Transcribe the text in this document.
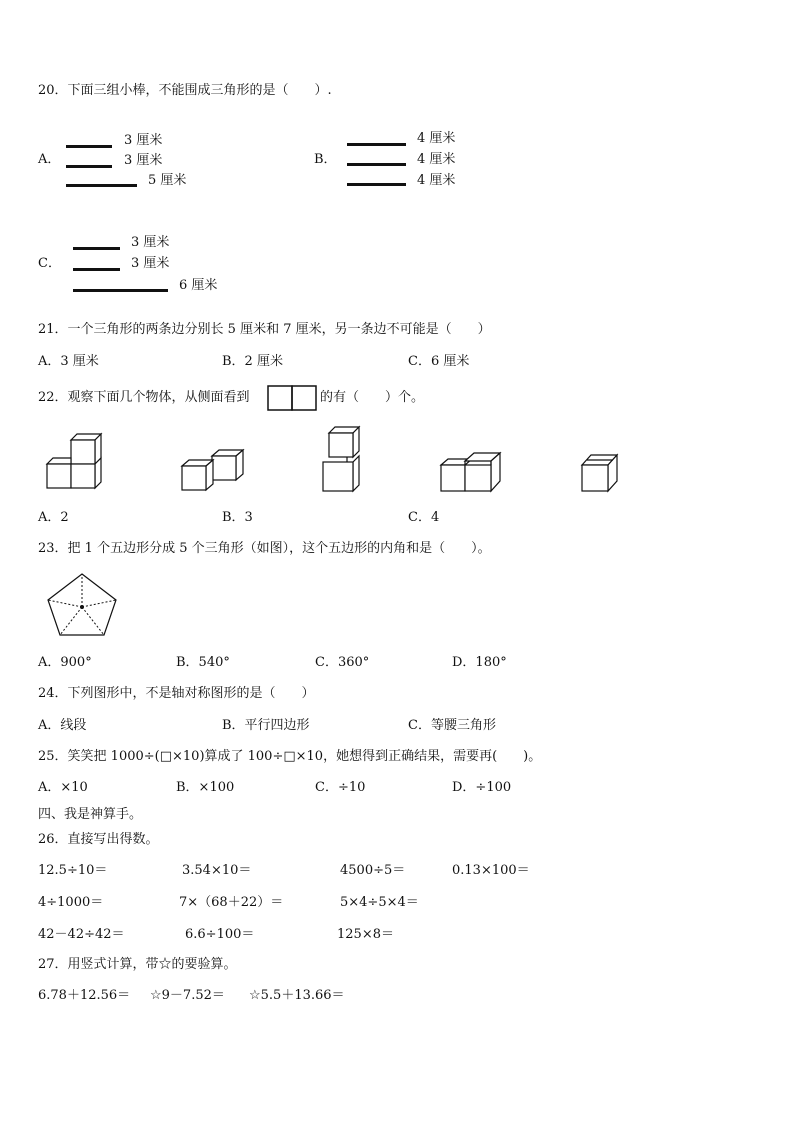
20．下面三组小棒，不能围成三角形的是（　　）.
A．
3 厘米
3 厘米
5 厘米
B．
4 厘米
4 厘米
4 厘米
C．
3 厘米
3 厘米
6 厘米
21．一个三角形的两条边分别长 5 厘米和 7 厘米，另一条边不可能是（　　）
A．3 厘米	B．2 厘米	C．6 厘米
22．观察下面几个物体，从侧面看到	的有（　　）个。
A．2	B．3	C．4
23．把 1 个五边形分成 5 个三角形（如图），这个五边形的内角和是（　　）。
A．900°	B．540°	C．360°	D．180°
24．下列图形中，不是轴对称图形的是（　　）
A．线段	B．平行四边形	C．等腰三角形
25．笑笑把 1000÷(□×10)算成了 100÷□×10，她想得到正确结果，需要再(　　)。
A．×10	B．×100	C．÷10	D．÷100
四、我是神算手。
26．直接写出得数。
12.5÷10＝	3.54×10＝	4500÷5＝	0.13×100＝
4÷1000＝	7×（68＋22）＝	5×4÷5×4＝
42－42÷42＝	6.6÷100＝	125×8＝
27．用竖式计算，带☆的要验算。
6.78＋12.56＝ ☆9－7.52＝ ☆5.5＋13.66＝
